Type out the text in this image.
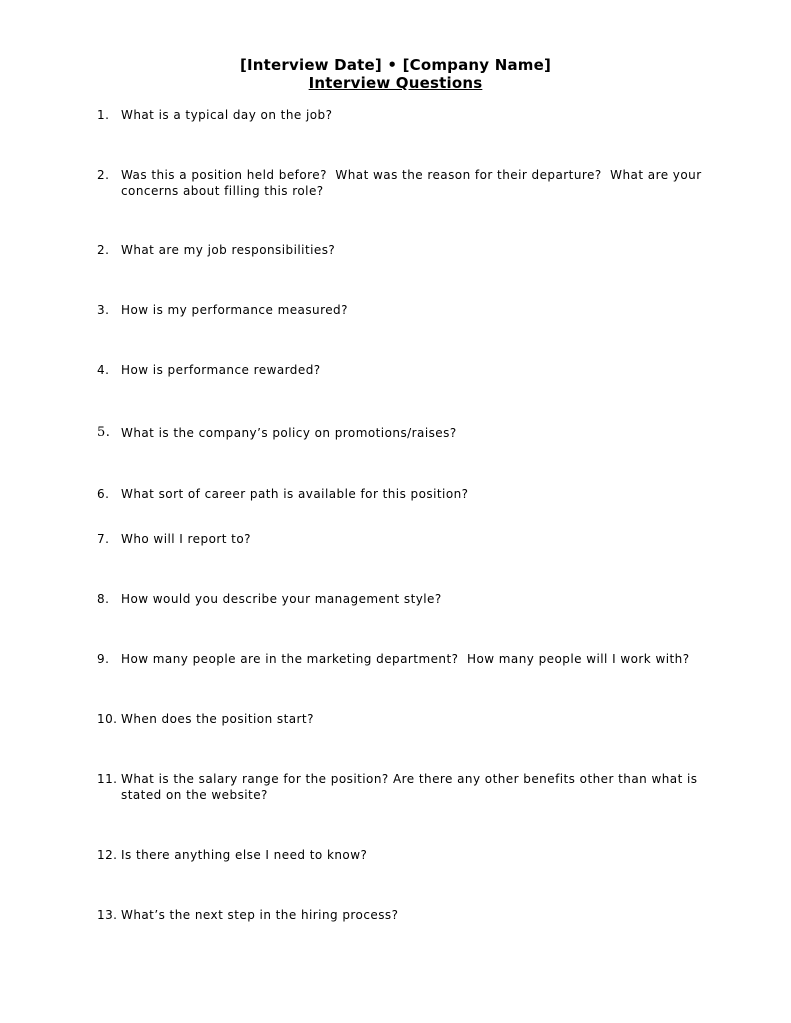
[Interview Date] • [Company Name]
Interview Questions
1. What is a typical day on the job?
2. Was this a position held before?  What was the reason for their departure?  What are your concerns about filling this role?
2. What are my job responsibilities?
3. How is my performance measured?
4. How is performance rewarded?
5. What is the company’s policy on promotions/raises?
6. What sort of career path is available for this position?
7. Who will I report to?
8. How would you describe your management style?
9. How many people are in the marketing department?  How many people will I work with?
10. When does the position start?
11. What is the salary range for the position? Are there any other benefits other than what is stated on the website?
12. Is there anything else I need to know?
13. What’s the next step in the hiring process?
